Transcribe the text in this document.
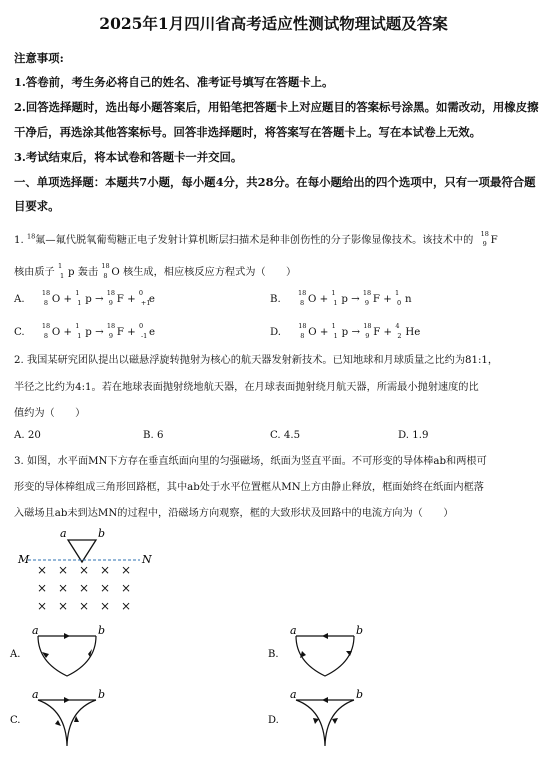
2025年1月四川省高考适应性测试物理试题及答案
注意事项:
1.答卷前，考生务必将自己的姓名、准考证号填写在答题卡上。
2.回答选择题时，选出每小题答案后，用铅笔把答题卡上对应题目的答案标号涂黑。如需改动，用橡皮擦
干净后，再选涂其他答案标号。回答非选择题时，将答案写在答题卡上。写在本试卷上无效。
3.考试结束后，将本试卷和答题卡一并交回。
一、单项选择题：本题共7小题，每小题4分，共28分。在每小题给出的四个选项中，只有一项最符合题
目要求。
1. $^{18}$氟—氟代脱氧葡萄糖正电子发射计算机断层扫描术是种非创伤性的分子影像显像技术。该技术中的
18
9 F
核由质子
1
1 p 轰击
18
8 O 核生成，相应核反应方程式为（　　）
A.
18
8 O +
1
1 p →
18
9 F +
0
+1
e	B.
18
8 O +
1
1 p →
18
9 F +
1
0 n
C.
18
8 O +
1
1 p →
18
9 F +
0
-1 e	D.
18
8 O +
1
1 p →
18
9 F +
4
2 He
2. 我国某研究团队提出以磁悬浮旋转抛射为核心的航天器发射新技术。已知地球和月球质量之比约为81:1，
半径之比约为4:1。若在地球表面抛射绕地航天器，在月球表面抛射绕月航天器，所需最小抛射速度的比
值约为（　　）
A. 20	B. 6	C. 4.5	D. 1.9
3. 如图，水平面MN下方存在垂直纸面向里的匀强磁场，纸面为竖直平面。不可形变的导体棒ab和两根可
形变的导体棒组成三角形回路框，其中ab处于水平位置框从MN上方由静止释放，框面始终在纸面内框落
入磁场且ab未到达MN的过程中，沿磁场方向观察，框的大致形状及回路中的电流方向为（　　）
a	b
M	N
× × × × ×
× × × × ×
× × × × ×
A.
a	b
B.
a	b
C.
a	b
D.
a	b
